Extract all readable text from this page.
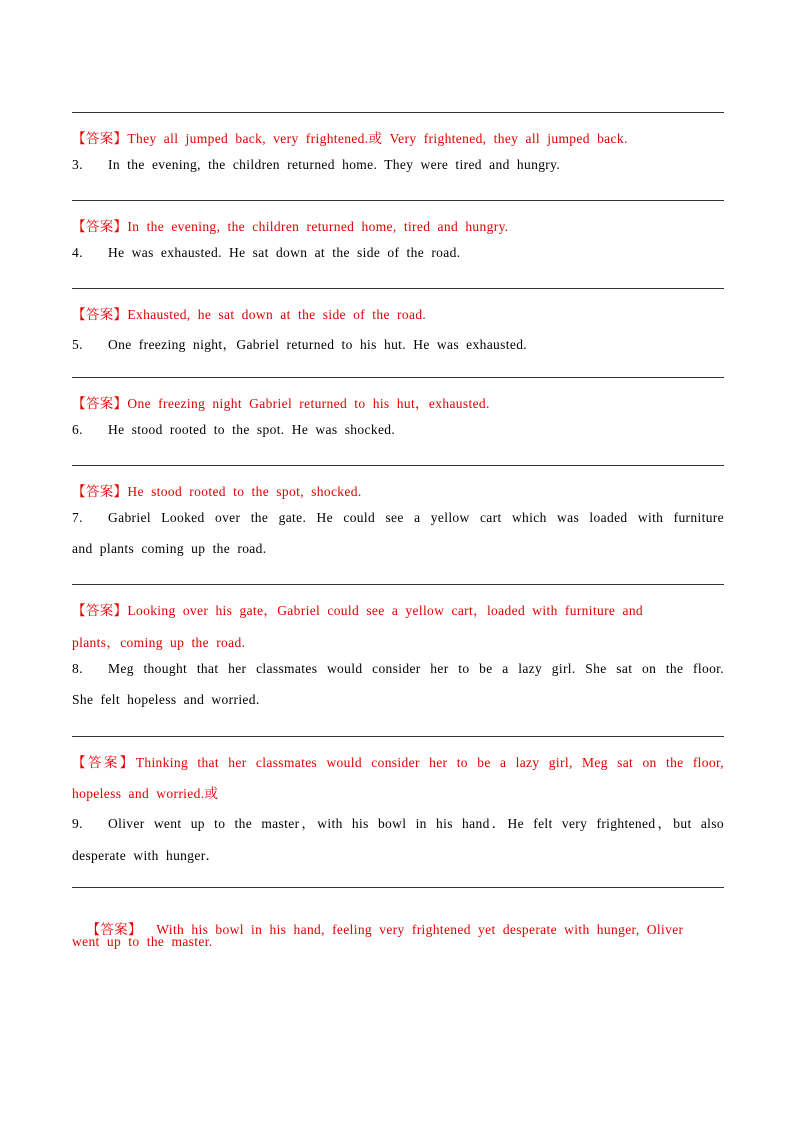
【答案】They all jumped back, very frightened.或 Very frightened, they all jumped back.
3. In the evening, the children returned home. They were tired and hungry.
【答案】In the evening, the children returned home, tired and hungry.
4. He was exhausted. He sat down at the side of the road.
【答案】Exhausted, he sat down at the side of the road.
5. One freezing night，Gabriel returned to his hut. He was exhausted.
【答案】One freezing night Gabriel returned to his hut，exhausted.
6. He stood rooted to the spot. He was shocked.
【答案】He stood rooted to the spot, shocked.
7. Gabriel Looked over the gate. He could see a yellow cart which was loaded with furniture
and plants coming up the road.
【答案】Looking over his gate，Gabriel could see a yellow cart，loaded with furniture and
plants，coming up the road.
8. Meg thought that her classmates would consider her to be a lazy girl. She sat on the floor.
She felt hopeless and worried.
【答案】Thinking that her classmates would consider her to be a lazy girl, Meg sat on the floor,
hopeless and worried.或
9. Oliver went up to the master，with his bowl in his hand．He felt very frightened，but also
desperate with hunger．

【答案】  With his bowl in his hand, feeling very frightened yet desperate with hunger, Oliver

went up to the master.
